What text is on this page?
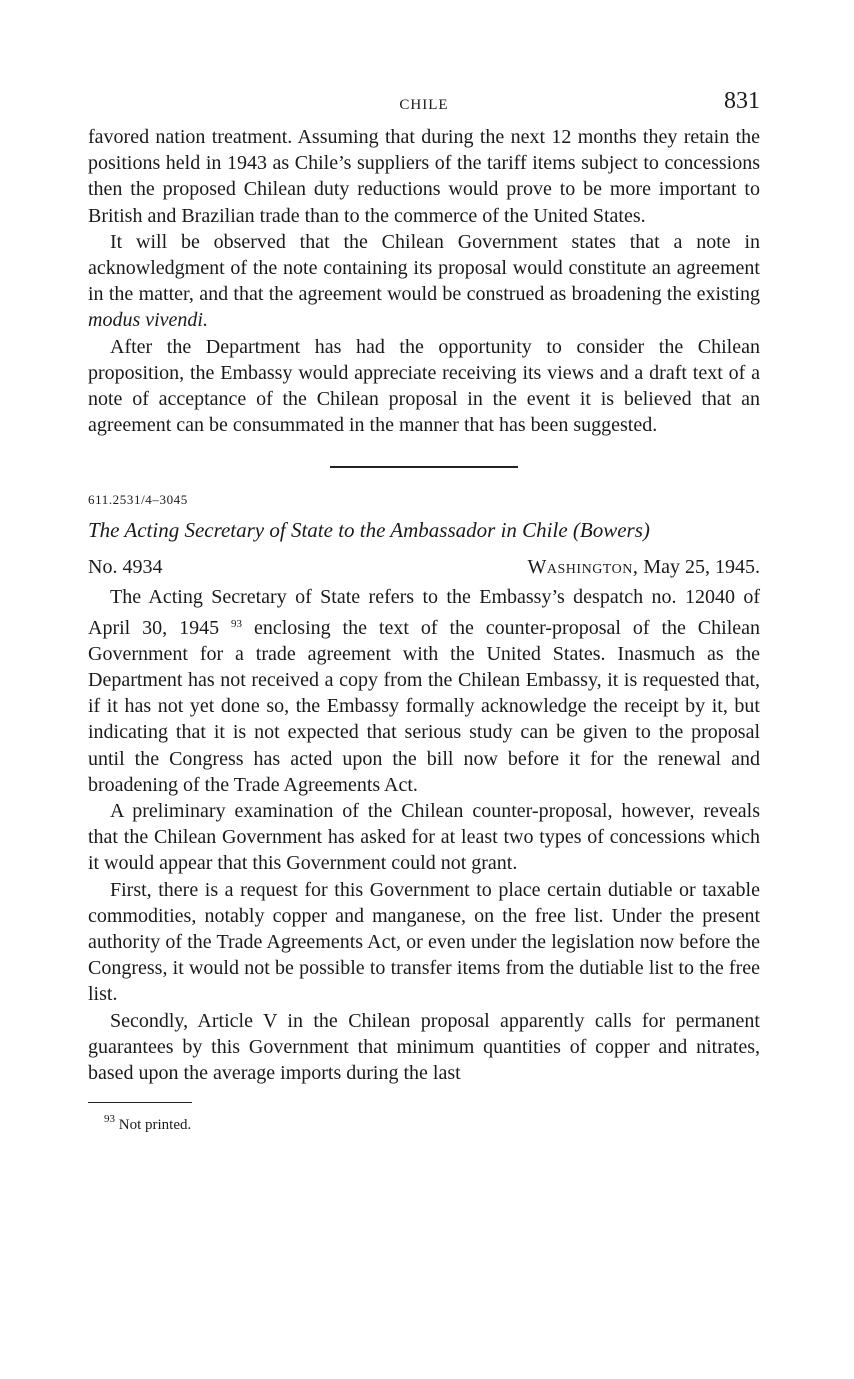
CHILE	831

favored nation treatment. Assuming that during the next 12 months they retain the positions held in 1943 as Chile’s suppliers of the tariff items subject to concessions then the proposed Chilean duty reductions would prove to be more important to British and Brazilian trade than to the commerce of the United States.

It will be observed that the Chilean Government states that a note in acknowledgment of the note containing its proposal would constitute an agreement in the matter, and that the agreement would be construed as broadening the existing modus vivendi.

After the Department has had the opportunity to consider the Chilean proposition, the Embassy would appreciate receiving its views and a draft text of a note of acceptance of the Chilean proposal in the event it is believed that an agreement can be consummated in the manner that has been suggested.

611.2531/4–3045

The Acting Secretary of State to the Ambassador in Chile (Bowers)

No. 4934	Washington, May 25, 1945.

The Acting Secretary of State refers to the Embassy’s despatch no. 12040 of April 30, 1945 $^{93}$ enclosing the text of the counter-proposal of the Chilean Government for a trade agreement with the United States. Inasmuch as the Department has not received a copy from the Chilean Embassy, it is requested that, if it has not yet done so, the Embassy formally acknowledge the receipt by it, but indicating that it is not expected that serious study can be given to the proposal until the Congress has acted upon the bill now before it for the renewal and broadening of the Trade Agreements Act.

A preliminary examination of the Chilean counter-proposal, however, reveals that the Chilean Government has asked for at least two types of concessions which it would appear that this Government could not grant.

First, there is a request for this Government to place certain dutiable or taxable commodities, notably copper and manganese, on the free list. Under the present authority of the Trade Agreements Act, or even under the legislation now before the Congress, it would not be possible to transfer items from the dutiable list to the free list.

Secondly, Article V in the Chilean proposal apparently calls for permanent guarantees by this Government that minimum quantities of copper and nitrates, based upon the average imports during the last

$^{93}$ Not printed.
